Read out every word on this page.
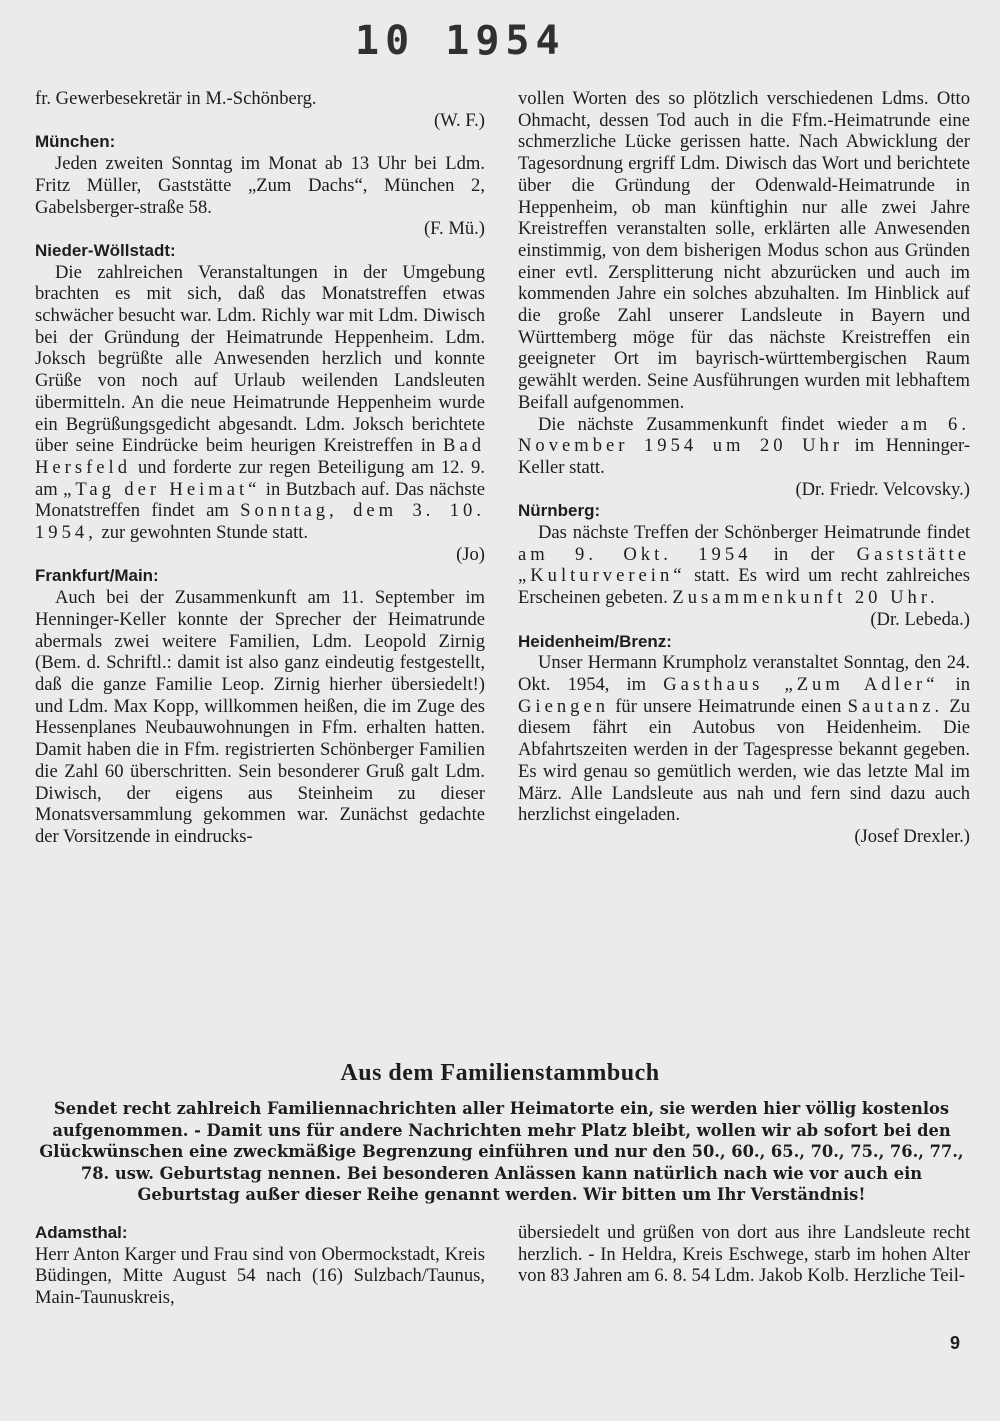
10 1954

fr. Gewerbesekretär in M.-Schönberg.

(W. F.)

München:

Jeden zweiten Sonntag im Monat ab 13 Uhr bei Ldm. Fritz Müller, Gaststätte „Zum Dachs“, München 2, Gabelsberger-straße 58.

(F. Mü.)

Nieder-Wöllstadt:

Die zahlreichen Veranstaltungen in der Umgebung brachten es mit sich, daß das Monatstreffen etwas schwächer besucht war. Ldm. Richly war mit Ldm. Diwisch bei der Gründung der Heimatrunde Heppenheim. Ldm. Joksch begrüßte alle Anwesenden herzlich und konnte Grüße von noch auf Urlaub weilenden Landsleuten übermitteln. An die neue Heimatrunde Heppenheim wurde ein Begrüßungsgedicht abgesandt. Ldm. Joksch berichtete über seine Eindrücke beim heurigen Kreistreffen in Bad Hersfeld und forderte zur regen Beteiligung am 12. 9. am „Tag der Heimat“ in Butzbach auf. Das nächste Monatstreffen findet am Sonntag, dem 3. 10. 1954, zur gewohnten Stunde statt.

(Jo)

Frankfurt/Main:

Auch bei der Zusammenkunft am 11. September im Henninger-Keller konnte der Sprecher der Heimatrunde abermals zwei weitere Familien, Ldm. Leopold Zirnig (Bem. d. Schriftl.: damit ist also ganz eindeutig festgestellt, daß die ganze Familie Leop. Zirnig hierher übersiedelt!) und Ldm. Max Kopp, willkommen heißen, die im Zuge des Hessenplanes Neubauwohnungen in Ffm. erhalten hatten. Damit haben die in Ffm. registrierten Schönberger Familien die Zahl 60 überschritten. Sein besonderer Gruß galt Ldm. Diwisch, der eigens aus Steinheim zu dieser Monatsversammlung gekommen war. Zunächst gedachte der Vorsitzende in eindrucks-

vollen Worten des so plötzlich verschiedenen Ldms. Otto Ohmacht, dessen Tod auch in die Ffm.-Heimatrunde eine schmerzliche Lücke gerissen hatte. Nach Abwicklung der Tagesordnung ergriff Ldm. Diwisch das Wort und berichtete über die Gründung der Odenwald-Heimatrunde in Heppenheim, ob man künftighin nur alle zwei Jahre Kreistreffen veranstalten solle, erklärten alle Anwesenden einstimmig, von dem bisherigen Modus schon aus Gründen einer evtl. Zersplitterung nicht abzurücken und auch im kommenden Jahre ein solches abzuhalten. Im Hinblick auf die große Zahl unserer Landsleute in Bayern und Württemberg möge für das nächste Kreistreffen ein geeigneter Ort im bayrisch-württembergischen Raum gewählt werden. Seine Ausführungen wurden mit lebhaftem Beifall aufgenommen.

Die nächste Zusammenkunft findet wieder am 6. November 1954 um 20 Uhr im Henninger-Keller statt.

(Dr. Friedr. Velcovsky.)

Nürnberg:

Das nächste Treffen der Schönberger Heimatrunde findet am 9. Okt. 1954 in der Gaststätte „Kulturverein“ statt. Es wird um recht zahlreiches Erscheinen gebeten. Zusammenkunft 20 Uhr.

(Dr. Lebeda.)

Heidenheim/Brenz:

Unser Hermann Krumpholz veranstaltet Sonntag, den 24. Okt. 1954, im Gasthaus „Zum Adler“ in Giengen für unsere Heimatrunde einen Sautanz. Zu diesem fährt ein Autobus von Heidenheim. Die Abfahrtszeiten werden in der Tagespresse bekannt gegeben. Es wird genau so gemütlich werden, wie das letzte Mal im März. Alle Landsleute aus nah und fern sind dazu auch herzlichst eingeladen.

(Josef Drexler.)

Aus dem Familienstammbuch
Sendet recht zahlreich Familiennachrichten aller Heimatorte ein, sie werden hier völlig kostenlos aufgenommen. - Damit uns für andere Nachrichten mehr Platz bleibt, wollen wir ab sofort bei den Glückwünschen eine zweckmäßige Begrenzung einführen und nur den 50., 60., 65., 70., 75., 76., 77., 78. usw. Geburtstag nennen. Bei besonderen Anlässen kann natürlich nach wie vor auch ein Geburtstag außer dieser Reihe genannt werden. Wir bitten um Ihr Verständnis!
Adamsthal:

Herr Anton Karger und Frau sind von Obermockstadt, Kreis Büdingen, Mitte August 54 nach (16) Sulzbach/Taunus, Main-Taunuskreis,

übersiedelt und grüßen von dort aus ihre Landsleute recht herzlich. - In Heldra, Kreis Eschwege, starb im hohen Alter von 83 Jahren am 6. 8. 54 Ldm. Jakob Kolb. Herzliche Teil-

9
